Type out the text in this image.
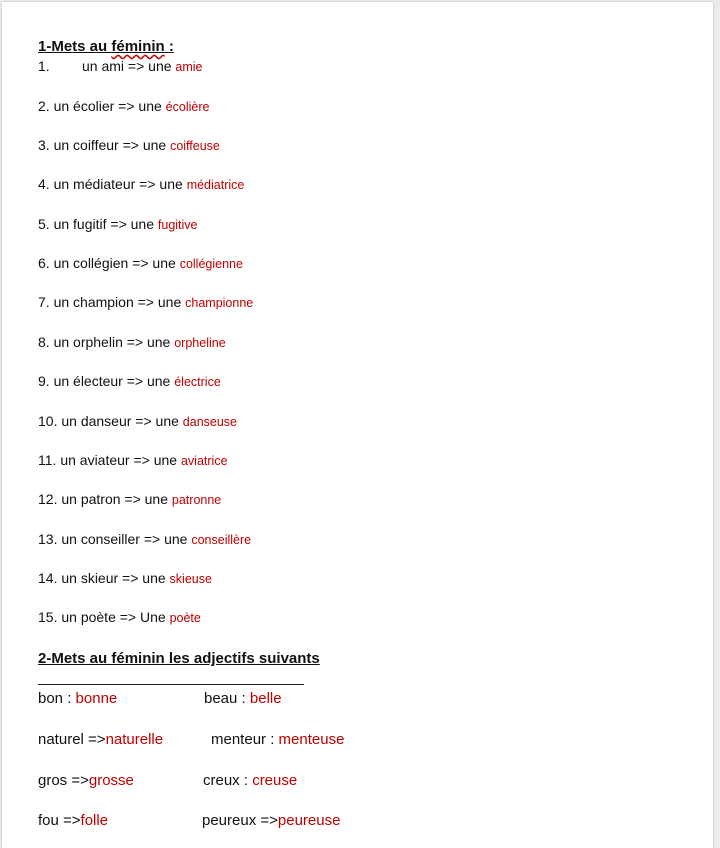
1-Mets au féminin :
1. un ami => une amie
2. un écolier => une écolière
3. un coiffeur => une coiffeuse
4. un médiateur => une médiatrice
5. un fugitif => une fugitive
6. un collégien => une collégienne
7. un champion => une championne
8. un orphelin => une orpheline
9. un électeur => une électrice
10. un danseur => une danseuse
11. un aviateur => une aviatrice
12. un patron => une patronne
13. un conseiller => une conseillère
14. un skieur => une skieuse
15. un poète => Une poète
2-Mets au féminin les adjectifs suivants
bon : bonne	beau : belle
naturel =>naturelle	menteur : menteuse
gros =>grosse	creux : creuse
fou =>folle	peureux =>peureuse
